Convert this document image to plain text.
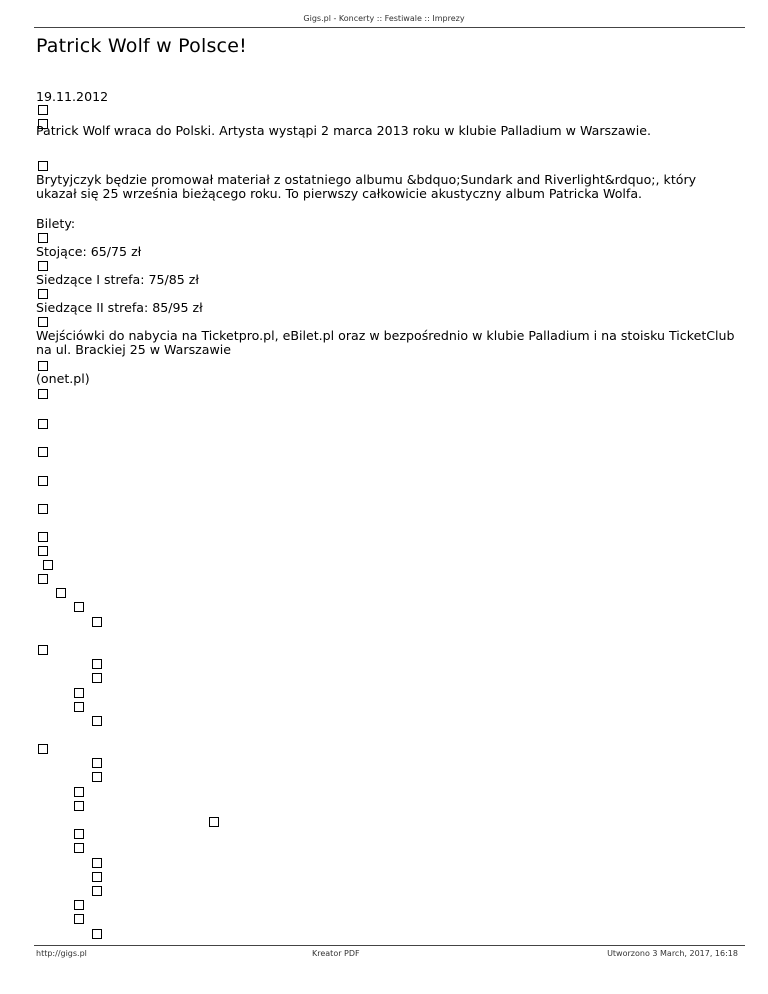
Gigs.pl - Koncerty :: Festiwale :: Imprezy
Patrick Wolf w Polsce!

19.11.2012

Patrick Wolf wraca do Polski. Artysta wystąpi 2 marca 2013 roku w klubie Palladium w Warszawie.

Brytyjczyk będzie promował materiał z ostatniego albumu &bdquo;Sundark and Riverlight&rdquo;, który ukazał się 25 września bieżącego roku. To pierwszy całkowicie akustyczny album Patricka Wolfa.

Bilety:

Stojące: 65/75 zł

Siedzące I strefa: 75/85 zł

Siedzące II strefa: 85/95 zł

Wejściówki do nabycia na Ticketpro.pl, eBilet.pl oraz w bezpośrednio w klubie Palladium i na stoisku TicketClub na ul. Brackiej 25 w Warszawie

(onet.pl)

http://gigs.pl	Kreator PDF	Utworzono 3 March, 2017, 16:18
